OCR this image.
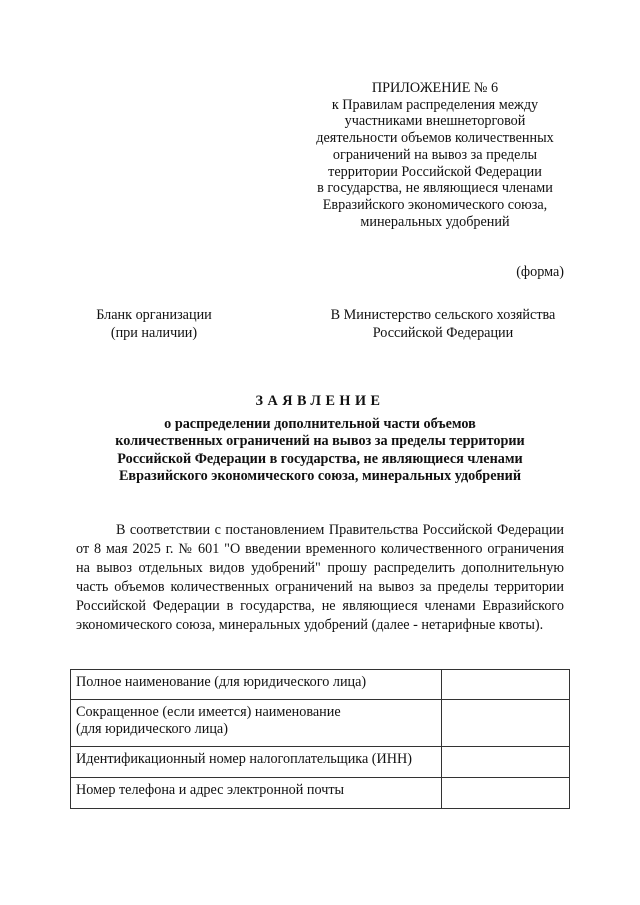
ПРИЛОЖЕНИЕ № 6
к Правилам распределения между
участниками внешнеторговой
деятельности объемов количественных
ограничений на вывоз за пределы
территории Российской Федерации
в государства, не являющиеся членами
Евразийского экономического союза,
минеральных удобрений
(форма)
Бланк организации
(при наличии)
В Министерство сельского хозяйства
Российской Федерации
ЗАЯВЛЕНИЕ
о распределении дополнительной части объемов
количественных ограничений на вывоз за пределы территории
Российской Федерации в государства, не являющиеся членами
Евразийского экономического союза, минеральных удобрений

В соответствии с постановлением Правительства Российской Федерации от 8 мая 2025 г. № 601 "О введении временного количественного ограничения на вывоз отдельных видов удобрений" прошу распределить дополнительную часть объемов количественных ограничений на вывоз за пределы территории Российской Федерации в государства, не являющиеся членами Евразийского экономического союза, минеральных удобрений (далее - нетарифные квоты).

Полное наименование (для юридического лица)	

Сокращенное (если имеется) наименование
(для юридического лица)	

Идентификационный номер налогоплательщика (ИНН)	
Номер телефона и адрес электронной почты	
